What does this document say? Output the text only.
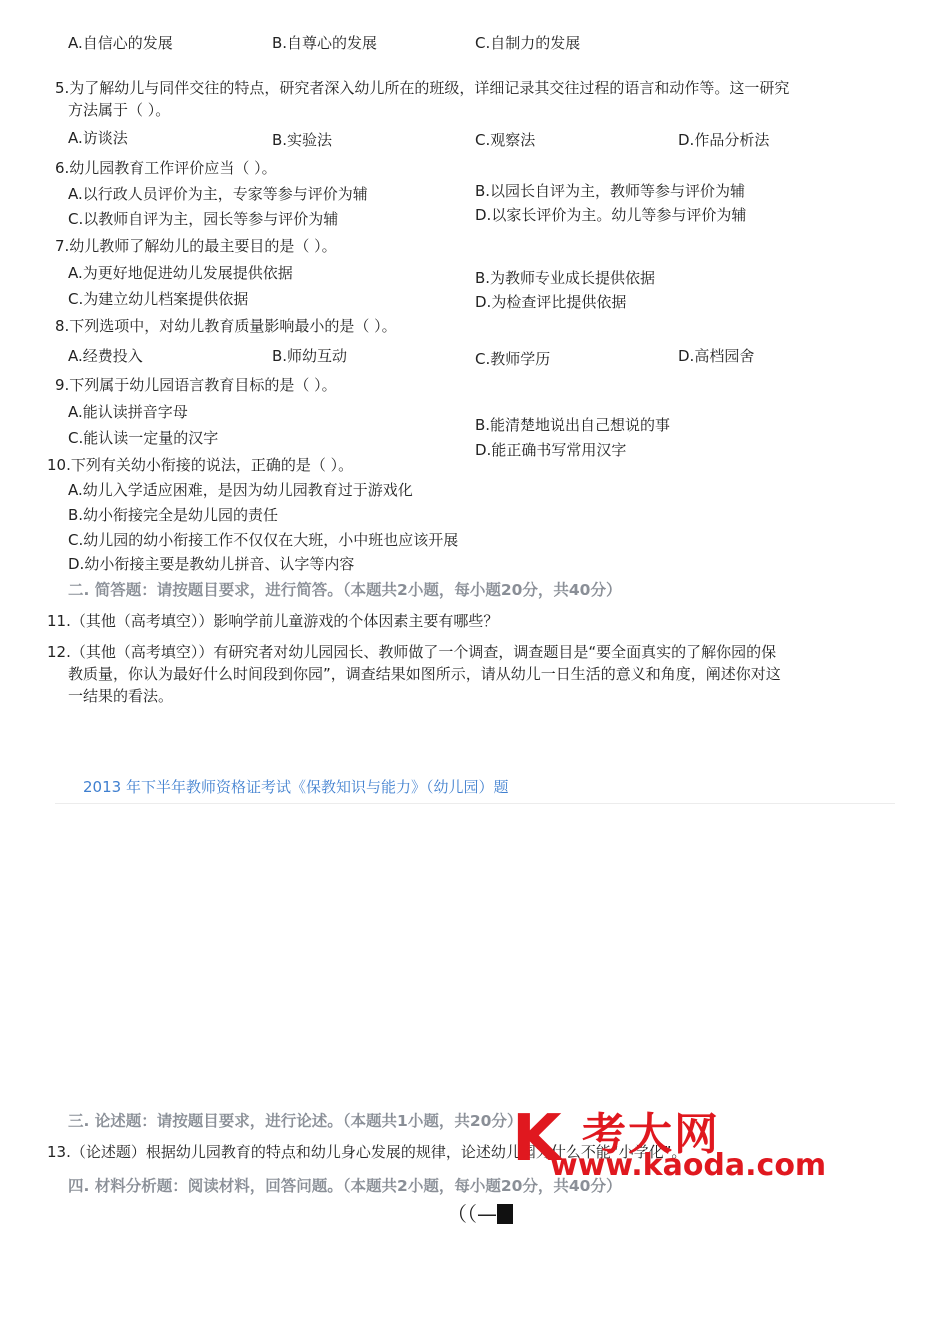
A.自信心的发展	B.自尊心的发展	C.自制力的发展
5.为了解幼儿与同伴交往的特点，研究者深入幼儿所在的班级，详细记录其交往过程的语言和动作等。这一研究
方法属于（ ）。
A.访谈法	B.实验法	C.观察法	D.作品分析法
6.幼儿园教育工作评价应当（ ）。
A.以行政人员评价为主，专家等参与评价为辅	B.以园长自评为主，教师等参与评价为辅
C.以教师自评为主，园长等参与评价为辅	D.以家长评价为主。幼儿等参与评价为辅
7.幼儿教师了解幼儿的最主要目的是（ ）。
A.为更好地促进幼儿发展提供依据	B.为教师专业成长提供依据
C.为建立幼儿档案提供依据	D.为检查评比提供依据
8.下列选项中，对幼儿教育质量影响最小的是（ ）。
A.经费投入	B.师幼互动	C.教师学历	D.高档园舍
9.下列属于幼儿园语言教育目标的是（ ）。
A.能认读拼音字母
B.能清楚地说出自己想说的事
C.能认读一定量的汉字
D.能正确书写常用汉字
10.下列有关幼小衔接的说法，正确的是（ ）。
A.幼儿入学适应困难，是因为幼儿园教育过于游戏化
B.幼小衔接完全是幼儿园的责任
C.幼儿园的幼小衔接工作不仅仅在大班，小中班也应该开展
D.幼小衔接主要是教幼儿拼音、认字等内容
二. 简答题：请按题目要求，进行简答。（本题共2小题，每小题20分，共40分）
11.（其他（高考填空））影响学前儿童游戏的个体因素主要有哪些？
12.（其他（高考填空））有研究者对幼儿园园长、教师做了一个调查，调查题目是“要全面真实的了解你园的保
教质量，你认为最好什么时间段到你园”，调查结果如图所示，请从幼儿一日生活的意义和角度，阐述你对这
一结果的看法。
2013 年下半年教师资格证考试《保教知识与能力》（幼儿园）题
三. 论述题：请按题目要求，进行论述。（本题共1小题，共20分）
13.（论述题）根据幼儿园教育的特点和幼儿身心发展的规律，论述幼儿园为什么不能“小学化”。
四. 材料分析题：阅读材料，回答问题。（本题共2小题，每小题20分，共40分）
K 考大网
www.kaoda.com
（（—
